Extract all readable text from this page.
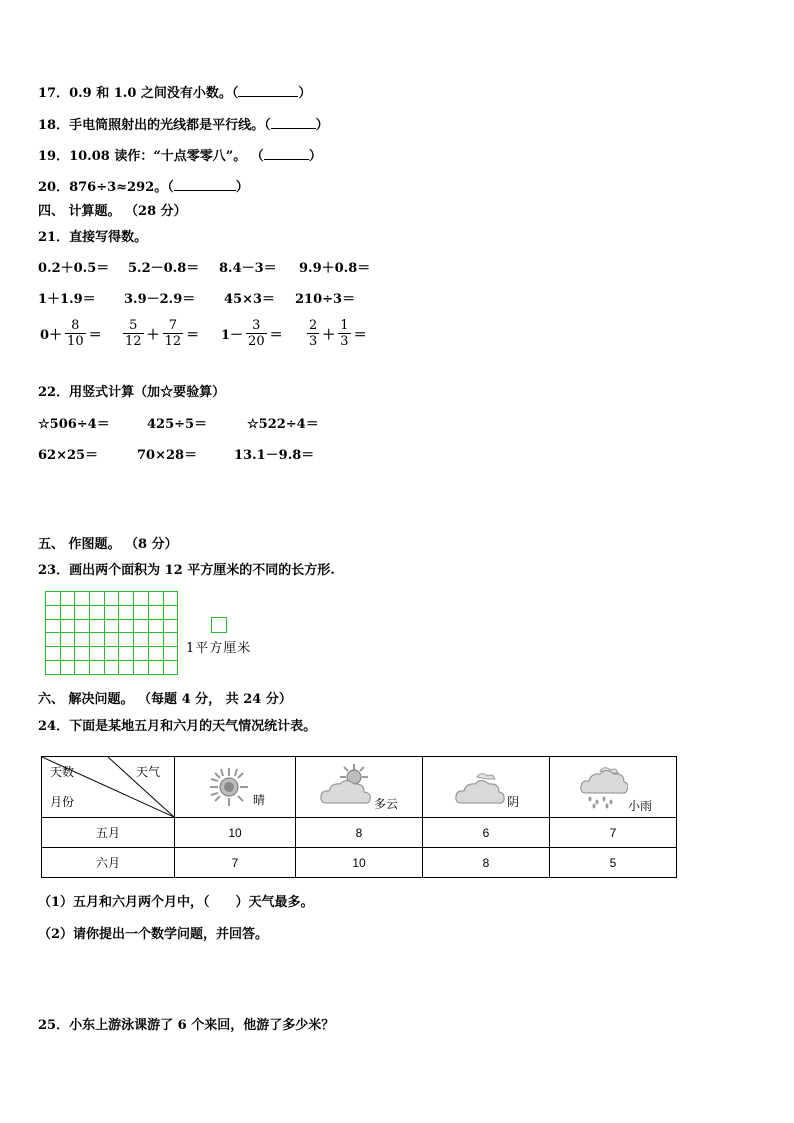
17．0.9 和 1.0 之间没有小数。（	）
18．手电筒照射出的光线都是平行线。（	）
19．10.08 读作：“十点零零八”。 （	）
20．876÷3≈292。（	）
四、 计算题。 （28 分）
21．直接写得数。
0.2＋0.5＝ 5.2－0.8＝ 8.4－3＝ 9.9＋0.8＝
1＋1.9＝ 3.9－2.9＝ 45×3＝ 210÷3＝
$0+ \frac{8}{10} = \frac{5}{12} + \frac{7}{12} = 1- \frac{3}{20} = \frac{2}{3} + \frac{1}{3}$ ＝
22．用竖式计算（加☆要验算）
☆506÷4＝	425÷5＝	☆522÷4＝
62×25＝	70×28＝	13.1－9.8＝
五、 作图题。 （8 分）
23．画出两个面积为 12 平方厘米的不同的长方形.

1平方厘米
六、 解决问题。 （每题 4 分， 共 24 分）
24．下面是某地五月和六月的天气情况统计表。
天气
天数
月份	晴	多云	阴	小雨

五月	10	8	6	7
六月	7	10	8	5
（1）五月和六月两个月中，（　　）天气最多。
（2）请你提出一个数学问题，并回答。
25．小东上游泳课游了 6 个来回，他游了多少米？
